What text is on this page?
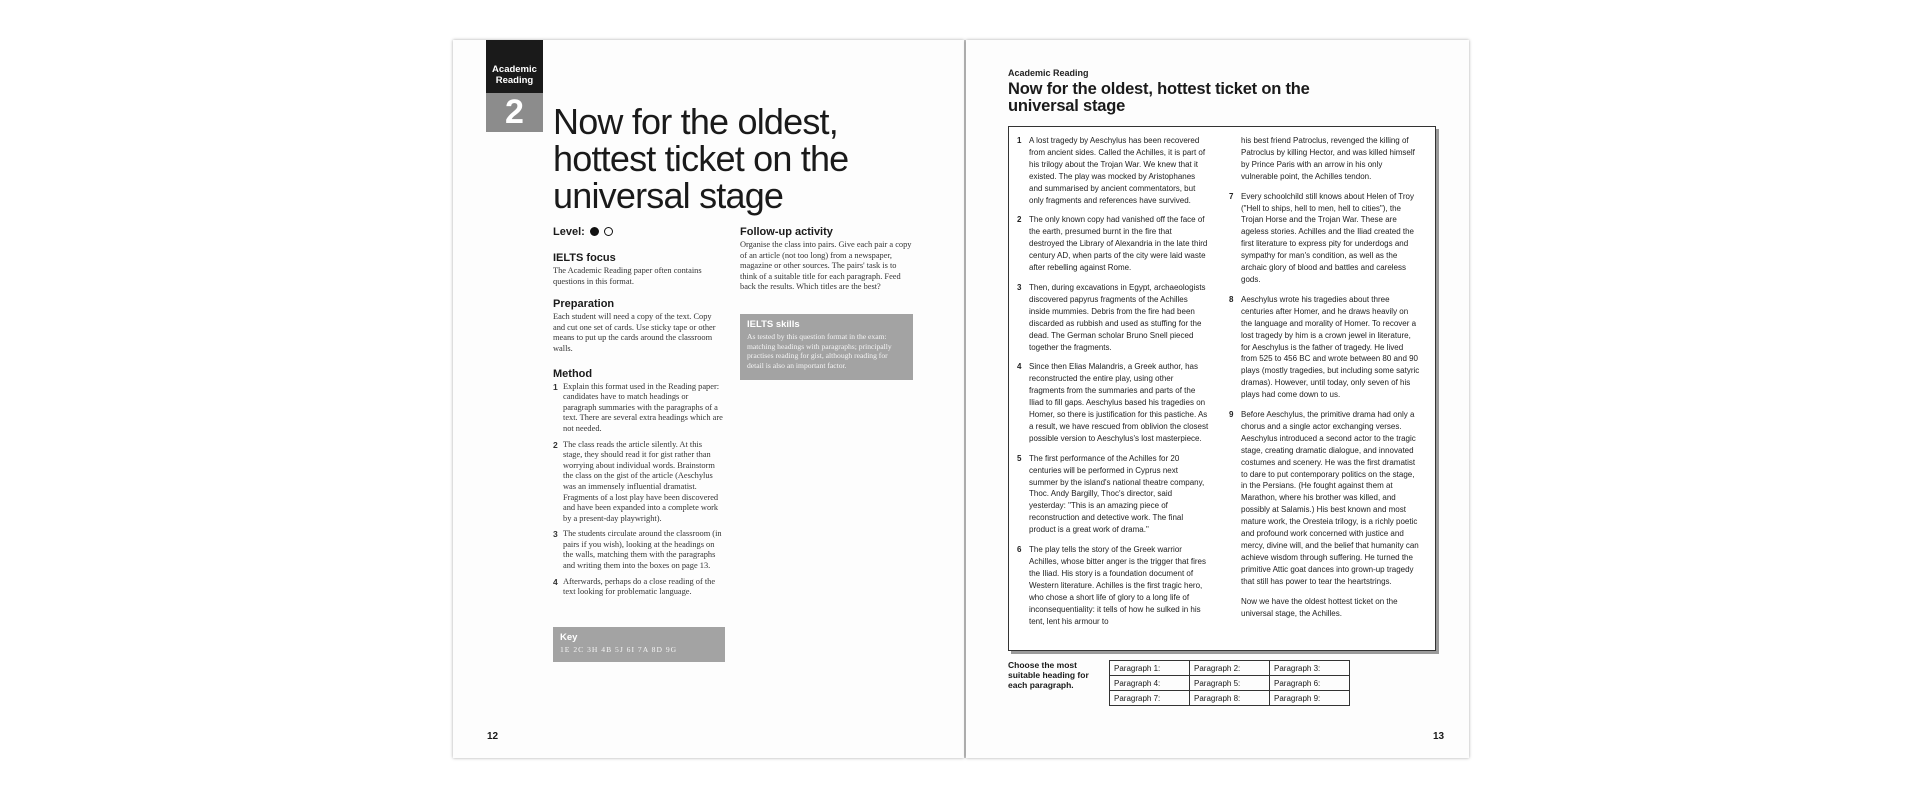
Academic
Reading
2 Now for the oldest, hottest ticket on the universal stage
Level:
IELTS focus
The Academic Reading paper often contains questions in this format.
Preparation
Each student will need a copy of the text. Copy and cut one set of cards. Use sticky tape or other means to put up the cards around the classroom walls.
Method
1 Explain this format used in the Reading paper: candidates have to match headings or paragraph summaries with the paragraphs of a text. There are several extra headings which are not needed.
2 The class reads the article silently. At this stage, they should read it for gist rather than worrying about individual words. Brainstorm the class on the gist of the article (Aeschylus was an immensely influential dramatist. Fragments of a lost play have been discovered and have been expanded into a complete work by a present-day playwright).
3 The students circulate around the classroom (in pairs if you wish), looking at the headings on the walls, matching them with the paragraphs and writing them into the boxes on page 13.
4 Afterwards, perhaps do a close reading of the text looking for problematic language.
Key
1E 2C 3H 4B 5J 6I 7A 8D 9G
Follow-up activity
Organise the class into pairs. Give each pair a copy of an article (not too long) from a newspaper, magazine or other sources. The pairs' task is to think of a suitable title for each paragraph. Feed back the results. Which titles are the best?
IELTS skills
As tested by this question format in the exam: matching headings with paragraphs; principally practises reading for gist, although reading for detail is also an important factor.
12
Academic Reading
Now for the oldest, hottest ticket on the universal stage
1 A lost tragedy by Aeschylus has been recovered from ancient sides. Called the Achilles, it is part of his trilogy about the Trojan War. We knew that it existed. The play was mocked by Aristophanes and summarised by ancient commentators, but only fragments and references have survived.
2 The only known copy had vanished off the face of the earth, presumed burnt in the fire that destroyed the Library of Alexandria in the late third century AD, when parts of the city were laid waste after rebelling against Rome.
3 Then, during excavations in Egypt, archaeologists discovered papyrus fragments of the Achilles inside mummies. Debris from the fire had been discarded as rubbish and used as stuffing for the dead. The German scholar Bruno Snell pieced together the fragments.
4 Since then Elias Malandris, a Greek author, has reconstructed the entire play, using other fragments from the summaries and parts of the Iliad to fill gaps. Aeschylus based his tragedies on Homer, so there is justification for this pastiche. As a result, we have rescued from oblivion the closest possible version to Aeschylus's lost masterpiece.
5 The first performance of the Achilles for 20 centuries will be performed in Cyprus next summer by the island's national theatre company, Thoc. Andy Bargilly, Thoc's director, said yesterday: "This is an amazing piece of reconstruction and detective work. The final product is a great work of drama."
6 The play tells the story of the Greek warrior Achilles, whose bitter anger is the trigger that fires the Iliad. His story is a foundation document of Western literature. Achilles is the first tragic hero, who chose a short life of glory to a long life of inconsequentiality: it tells of how he sulked in his tent, lent his armour to
his best friend Patroclus, revenged the killing of Patroclus by killing Hector, and was killed himself by Prince Paris with an arrow in his only vulnerable point, the Achilles tendon.
7 Every schoolchild still knows about Helen of Troy ("Hell to ships, hell to men, hell to cities"), the Trojan Horse and the Trojan War. These are ageless stories. Achilles and the Iliad created the first literature to express pity for underdogs and sympathy for man's condition, as well as the archaic glory of blood and battles and careless gods.
8 Aeschylus wrote his tragedies about three centuries after Homer, and he draws heavily on the language and morality of Homer. To recover a lost tragedy by him is a crown jewel in literature, for Aeschylus is the father of tragedy. He lived from 525 to 456 BC and wrote between 80 and 90 plays (mostly tragedies, but including some satyric dramas). However, until today, only seven of his plays had come down to us.
9 Before Aeschylus, the primitive drama had only a chorus and a single actor exchanging verses. Aeschylus introduced a second actor to the tragic stage, creating dramatic dialogue, and innovated costumes and scenery. He was the first dramatist to dare to put contemporary politics on the stage, in the Persians. (He fought against them at Marathon, where his brother was killed, and possibly at Salamis.) His best known and most mature work, the Oresteia trilogy, is a richly poetic and profound work concerned with justice and mercy, divine will, and the belief that humanity can achieve wisdom through suffering. He turned the primitive Attic goat dances into grown-up tragedy that still has power to tear the heartstrings.
Now we have the oldest hottest ticket on the universal stage, the Achilles.
Choose the most suitable heading for each paragraph.
Paragraph 1:	Paragraph 2:	Paragraph 3:
Paragraph 4:	Paragraph 5:	Paragraph 6:
Paragraph 7:	Paragraph 8:	Paragraph 9:
13
